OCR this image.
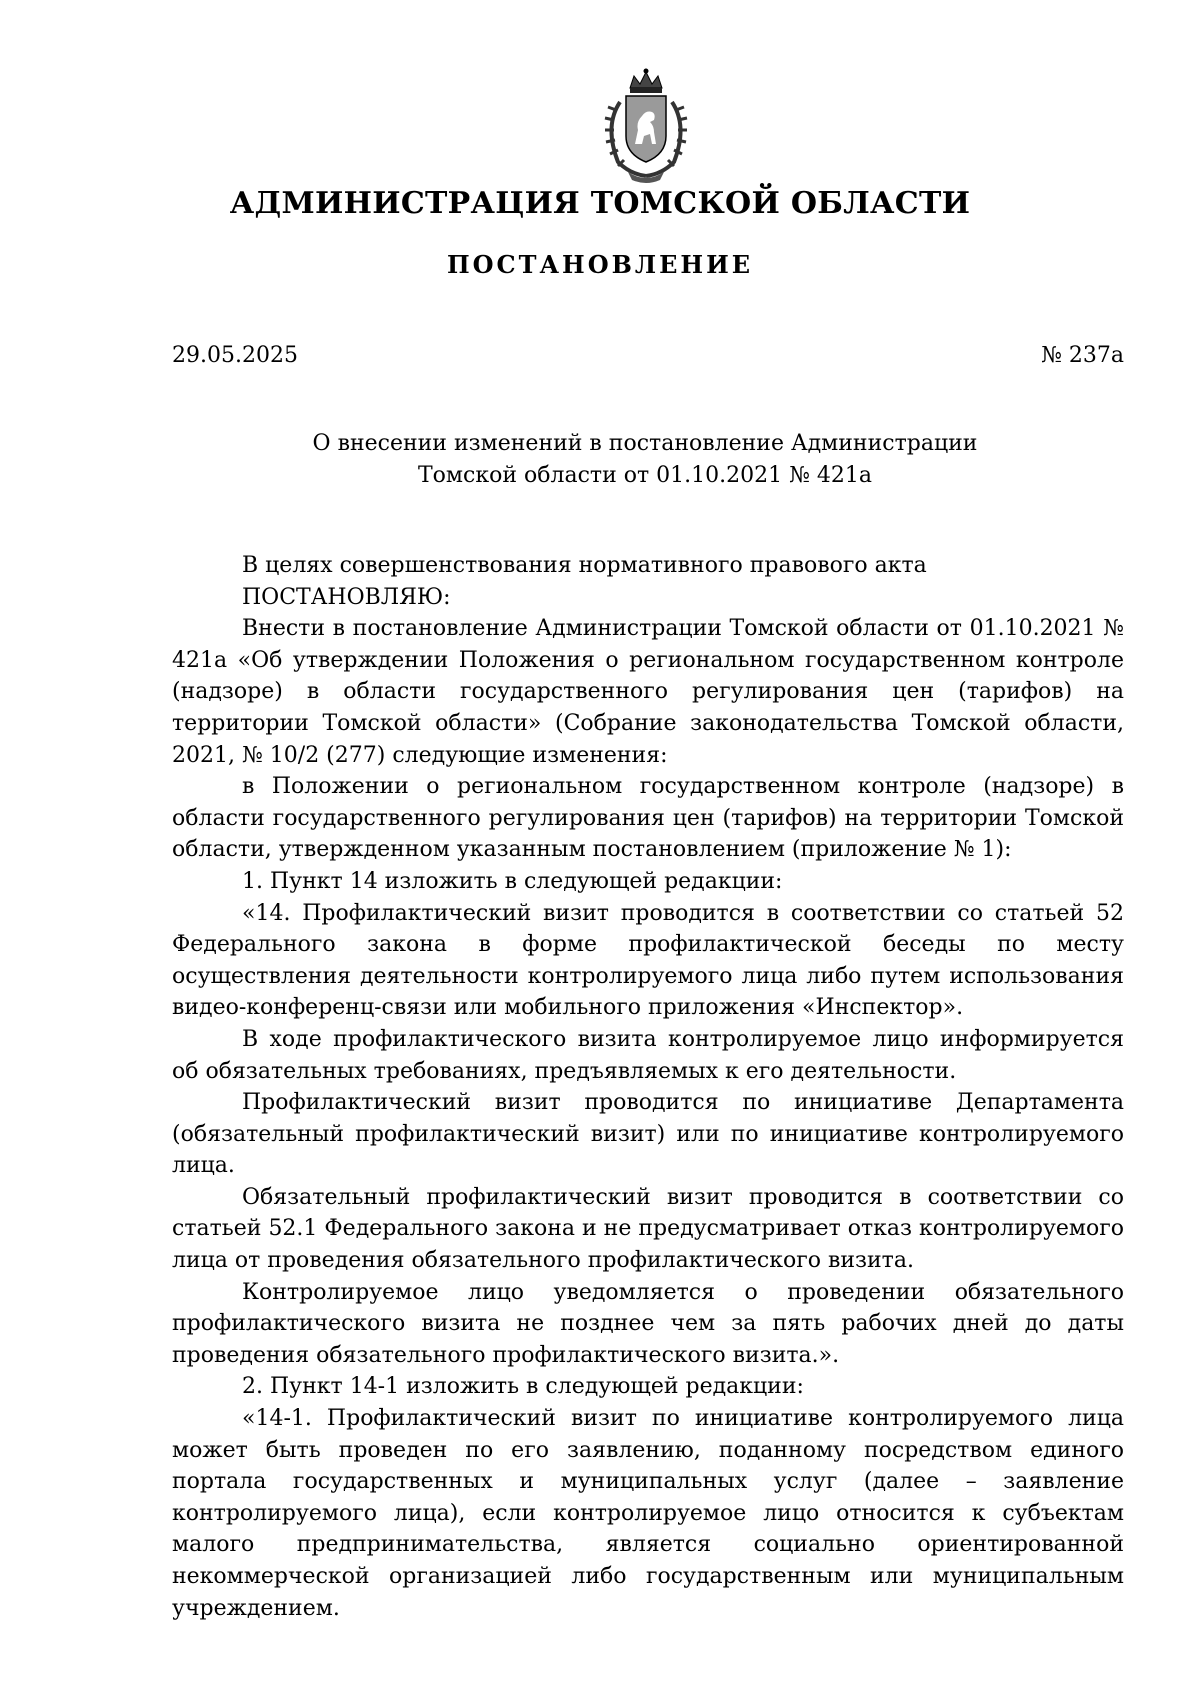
АДМИНИСТРАЦИЯ ТОМСКОЙ ОБЛАСТИ
ПОСТАНОВЛЕНИЕ
29.05.2025	№ 237а
О внесении изменений в постановление Администрации
Томской области от 01.10.2021 № 421а

В целях совершенствования нормативного правового акта

ПОСТАНОВЛЯЮ:

Внести в постановление Администрации Томской области от 01.10.2021 № 421а «Об утверждении Положения о региональном государственном контроле (надзоре) в области государственного регулирования цен (тарифов) на территории Томской области» (Собрание законодательства Томской области, 2021, № 10/2 (277) следующие изменения:

в Положении о региональном государственном контроле (надзоре) в области государственного регулирования цен (тарифов) на территории Томской области, утвержденном указанным постановлением (приложение № 1):

1. Пункт 14 изложить в следующей редакции:

«14. Профилактический визит проводится в соответствии со статьей 52 Федерального закона в форме профилактической беседы по месту осуществления деятельности контролируемого лица либо путем использования видео-конференц-связи или мобильного приложения «Инспектор».

В ходе профилактического визита контролируемое лицо информируется об обязательных требованиях, предъявляемых к его деятельности.

Профилактический визит проводится по инициативе Департамента (обязательный профилактический визит) или по инициативе контролируемого лица.

Обязательный профилактический визит проводится в соответствии со статьей 52.1 Федерального закона и не предусматривает отказ контролируемого лица от проведения обязательного профилактического визита.

Контролируемое лицо уведомляется о проведении обязательного профилактического визита не позднее чем за пять рабочих дней до даты проведения обязательного профилактического визита.».

2. Пункт 14-1 изложить в следующей редакции:

«14-1. Профилактический визит по инициативе контролируемого лица может быть проведен по его заявлению, поданному посредством единого портала государственных и муниципальных услуг (далее – заявление контролируемого лица), если контролируемое лицо относится к субъектам малого предпринимательства, является социально ориентированной некоммерческой организацией либо государственным или муниципальным учреждением.
